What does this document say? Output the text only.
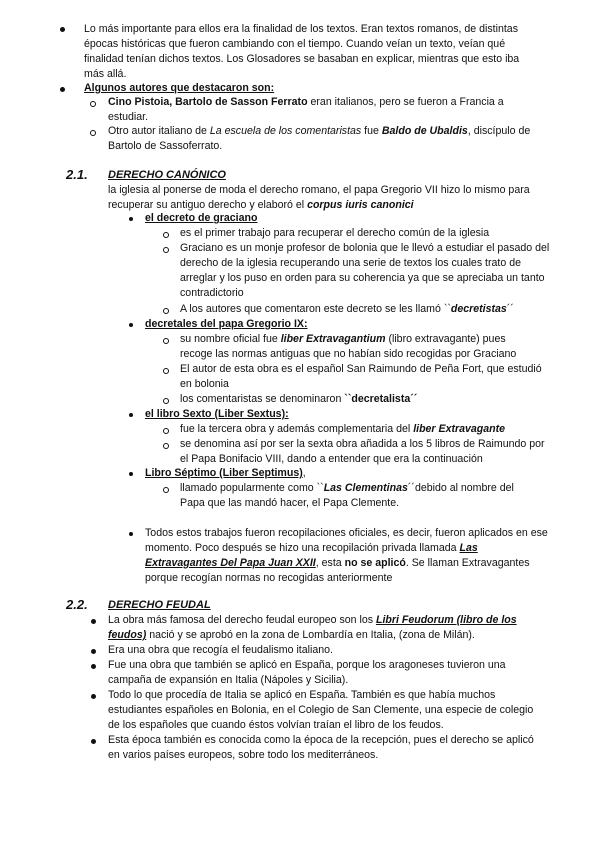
Lo más importante para ellos era la finalidad de los textos. Eran textos romanos, de distintas épocas históricas que fueron cambiando con el tiempo. Cuando veían un texto, veían qué finalidad tenían dichos textos. Los Glosadores se basaban en explicar, mientras que esto iba más allá.
Algunos autores que destacaron son:
Cino Pistoia, Bartolo de Sasson Ferrato eran italianos, pero se fueron a Francia a estudiar.
Otro autor italiano de La escuela de los comentaristas fue Baldo de Ubaldis, discípulo de Bartolo de Sassoferrato.
2.1. DERECHO CANÓNICO
la iglesia al ponerse de moda el derecho romano, el papa Gregorio VII hizo lo mismo para recuperar su antiguo derecho y elaboró el corpus iuris canonici
el decreto de graciano
es el primer trabajo para recuperar el derecho común de la iglesia
Graciano es un monje profesor de bolonia que le llevó a estudiar el pasado del derecho de la iglesia recuperando una serie de textos los cuales trato de arreglar y los puso en orden para su coherencia ya que se apreciaba un tanto contradictorio
A los autores que comentaron este decreto se les llamó ``decretistas´´
decretales del papa Gregorio IX:
su nombre oficial fue liber Extravagantium (libro extravagante) pues recoge las normas antiguas que no habían sido recogidas por Graciano
El autor de esta obra es el español San Raimundo de Peña Fort, que estudió en bolonia
los comentaristas se denominaron ``decretalista´´
el libro Sexto (Liber Sextus):
fue la tercera obra y además complementaria del liber Extravagante
se denomina así por ser la sexta obra añadida a los 5 libros de Raimundo por el Papa Bonifacio VIII, dando a entender que era la continuación
Libro Séptimo (Liber Septimus),
llamado popularmente como ``Las Clementinas´´debido al nombre del Papa que las mandó hacer, el Papa Clemente.
Todos estos trabajos fueron recopilaciones oficiales, es decir, fueron aplicados en ese momento. Poco después se hizo una recopilación privada llamada Las Extravagantes Del Papa Juan XXII, esta no se aplicó. Se llaman Extravagantes porque recogían normas no recogidas anteriormente
2.2. DERECHO FEUDAL
La obra más famosa del derecho feudal europeo son los Libri Feudorum (libro de los feudos) nació y se aprobó en la zona de Lombardía en Italia, (zona de Milán).
Era una obra que recogía el feudalismo italiano.
Fue una obra que también se aplicó en España, porque los aragoneses tuvieron una campaña de expansión en Italia (Nápoles y Sicilia).
Todo lo que procedía de Italia se aplicó en España. También es que había muchos estudiantes españoles en Bolonia, en el Colegio de San Clemente, una especie de colegio de los españoles que cuando éstos volvían traían el libro de los feudos.
Esta época también es conocida como la época de la recepción, pues el derecho se aplicó en varios países europeos, sobre todo los mediterráneos.
